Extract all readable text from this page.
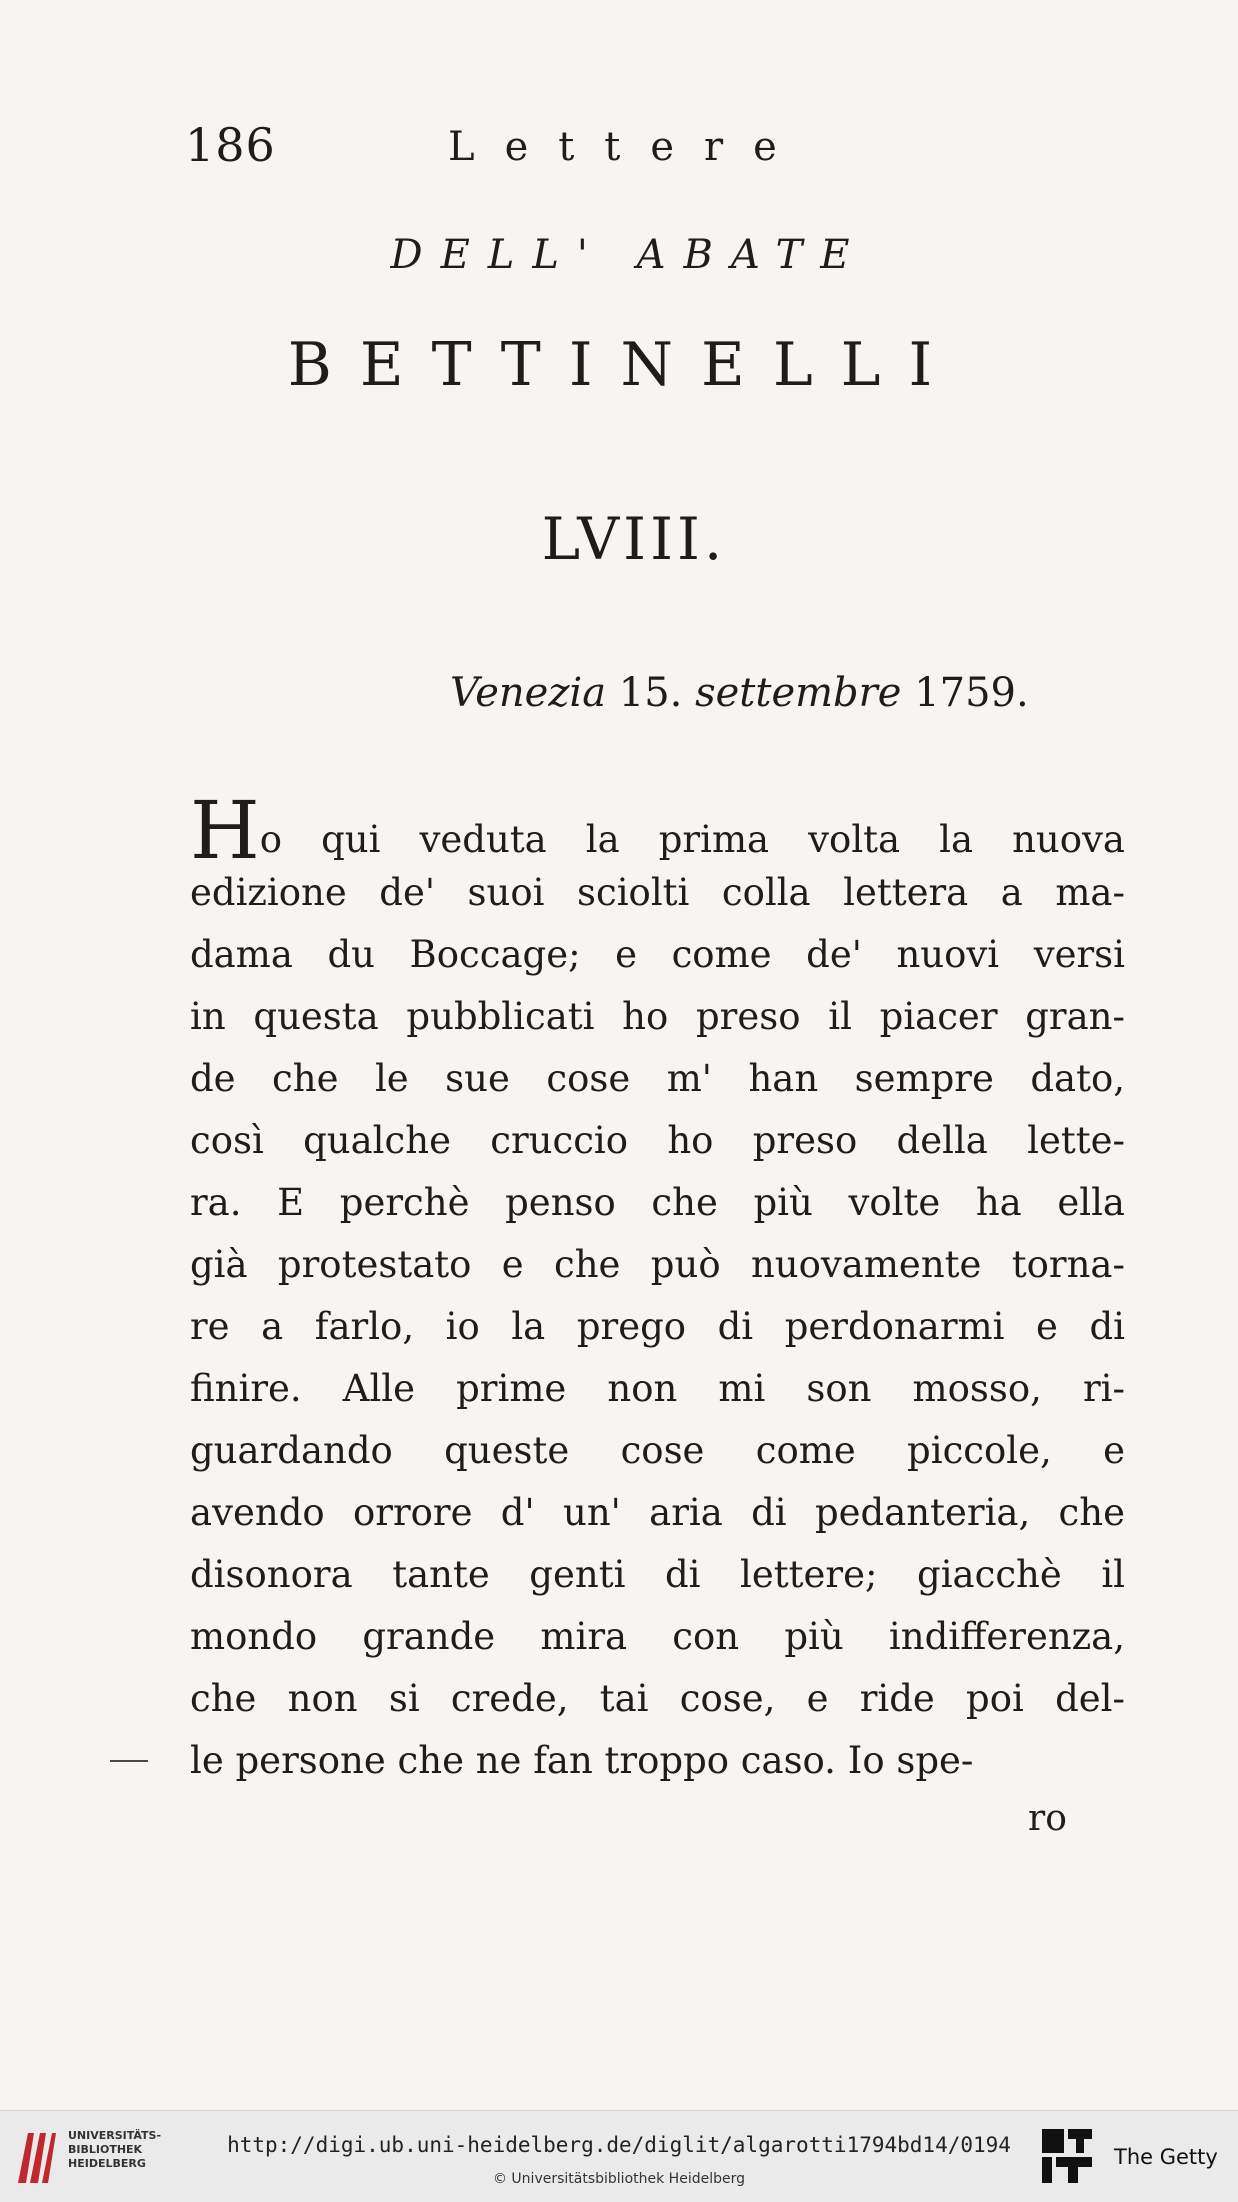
186	Lettere
DELL' ABATE
BETTINELLI
LVIII.
Venezia 15. settembre 1759.
Ho qui veduta la prima volta la nuova
edizione de' suoi sciolti colla lettera a ma-
dama du Boccage; e come de' nuovi versi
in questa pubblicati ho preso il piacer gran-
de che le sue cose m' han sempre dato,
così qualche cruccio ho preso della lette-
ra. E perchè penso che più volte ha ella
già protestato e che può nuovamente torna-
re a farlo, io la prego di perdonarmi e di
finire. Alle prime non mi son mosso, ri-
guardando queste cose come piccole, e
avendo orrore d' un' aria di pedanteria, che
disonora tante genti di lettere; giacchè il
mondo grande mira con più indifferenza,
che non si crede, tai cose, e ride poi del-
le persone che ne fan troppo caso. Io spe-
ro
UNIVERSITÄTS-
BIBLIOTHEK
HEIDELBERG
http://digi.ub.uni-heidelberg.de/diglit/algarotti1794bd14/0194
© Universitätsbibliothek Heidelberg
The Getty
